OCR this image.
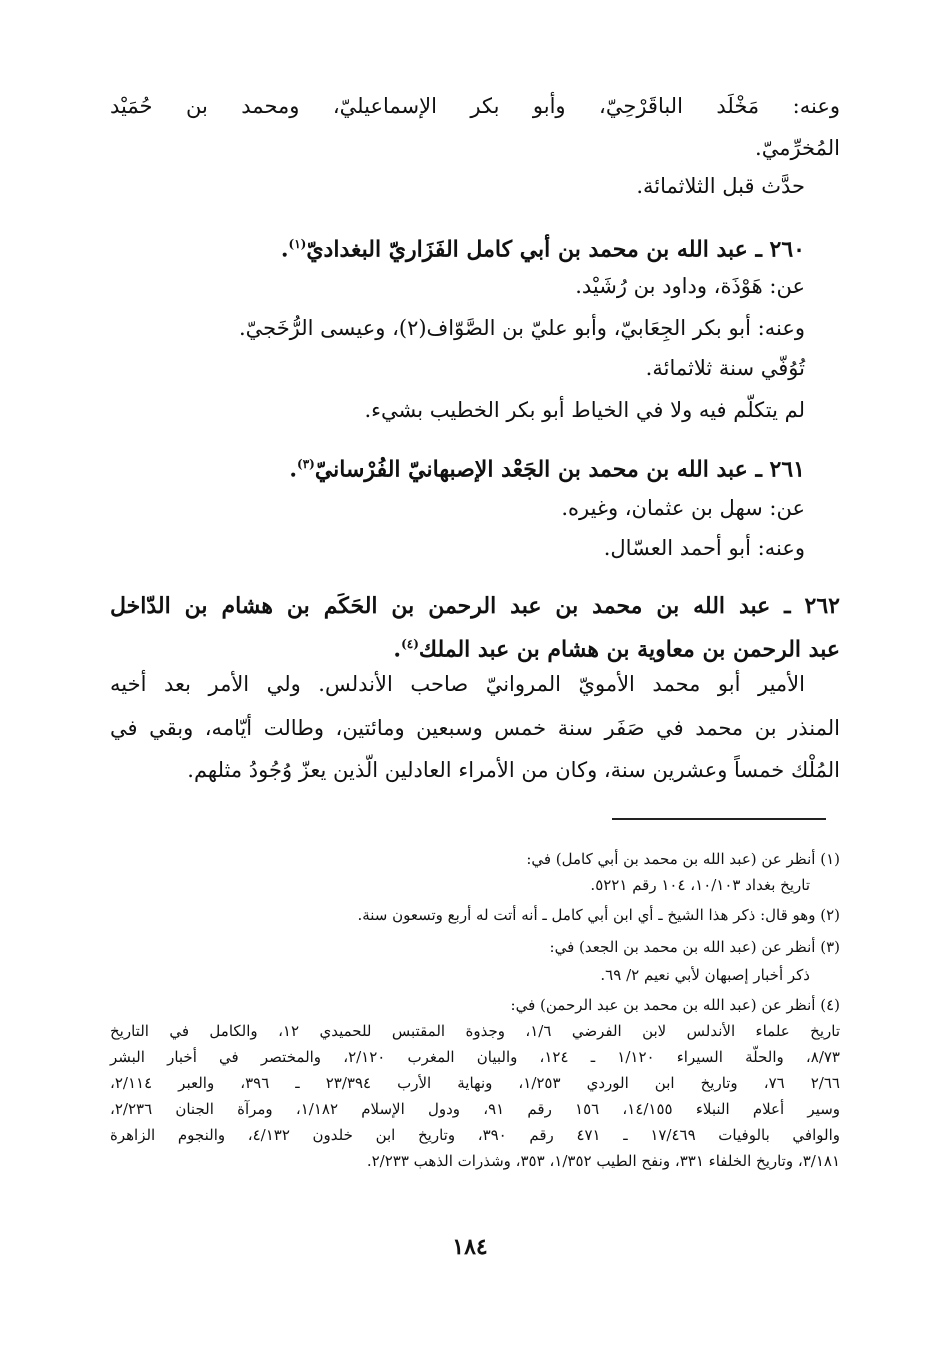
وعنه: مَخْلَد الباقَرْحِيّ، وأبو بكر الإسماعيليّ، ومحمد بن حُمَيْد
المُخرِّميّ.
حدَّث قبل الثلاثمائة.
٢٦٠ ـ عبد الله بن محمد بن أبي كامل الفَزَاريّ البغداديّ$^{(١)}$.
عن: هَوْذَة، وداود بن رُشَيْد.
وعنه: أبو بكر الجِعَابيّ، وأبو عليّ بن الصَّوّاف(٢)، وعيسى الرُّخَجيّ.
تُوُفّي سنة ثلاثمائة.
لم يتكلّم فيه ولا في الخياط أبو بكر الخطيب بشيء.
٢٦١ ـ عبد الله بن محمد بن الجَعْد الإصبهانيّ الفُرْسانيّ$^{(٣)}$.
عن: سهل بن عثمان، وغيره.
وعنه: أبو أحمد العسّال.
٢٦٢ ـ عبد الله بن محمد بن عبد الرحمن بن الحَكَم بن هشام بن الدّاخل
عبد الرحمن بن معاوية بن هشام بن عبد الملك$^{(٤)}$.
الأمير أبو محمد الأمويّ المروانيّ صاحب الأندلس. ولي الأمر بعد أخيه
المنذر بن محمد في صَفَر سنة خمس وسبعين ومائتين، وطالت أيّامه، وبقي في
المُلْك خمساً وعشرين سنة، وكان من الأمراء العادلين الّذين يعزّ وُجُودُ مثلهم.
(١) أنظر عن (عبد الله بن محمد بن أبي كامل) في:
تاريخ بغداد ١٠/١٠٣، ١٠٤ رقم ٥٢٢١.
(٢) وهو قال: ذكر هذا الشيخ ـ أي ابن أبي كامل ـ أنه أتت له أربع وتسعون سنة.
(٣) أنظر عن (عبد الله بن محمد بن الجعد) في:
ذكر أخبار إصبهان لأبي نعيم ٢/ ٦٩.
(٤) أنظر عن (عبد الله بن محمد بن عبد الرحمن) في:
تاريخ علماء الأندلس لابن الفرضي ١/٦، وجذوة المقتبس للحميدي ١٢، والكامل في التاريخ
٨/٧٣، والحلّة السيراء ١/١٢٠ ـ ١٢٤، والبيان المغرب ٢/١٢٠، والمختصر في أخبار البشر
٢/٦٦ ٧٦، وتاريخ ابن الوردي ١/٢٥٣، ونهاية الأرب ٢٣/٣٩٤ ـ ٣٩٦، والعبر ٢/١١٤،
وسير أعلام النبلاء ١٤/١٥٥، ١٥٦ رقم ٩١، ودول الإسلام ١/١٨٢، ومرآة الجنان ٢/٢٣٦،
والوافي بالوفيات ١٧/٤٦٩ ـ ٤٧١ رقم ٣٩٠، وتاريخ ابن خلدون ٤/١٣٢، والنجوم الزاهرة
٣/١٨١، وتاريخ الخلفاء ٣٣١، ونفح الطيب ١/٣٥٢، ٣٥٣، وشذرات الذهب ٢/٢٣٣.
١٨٤
